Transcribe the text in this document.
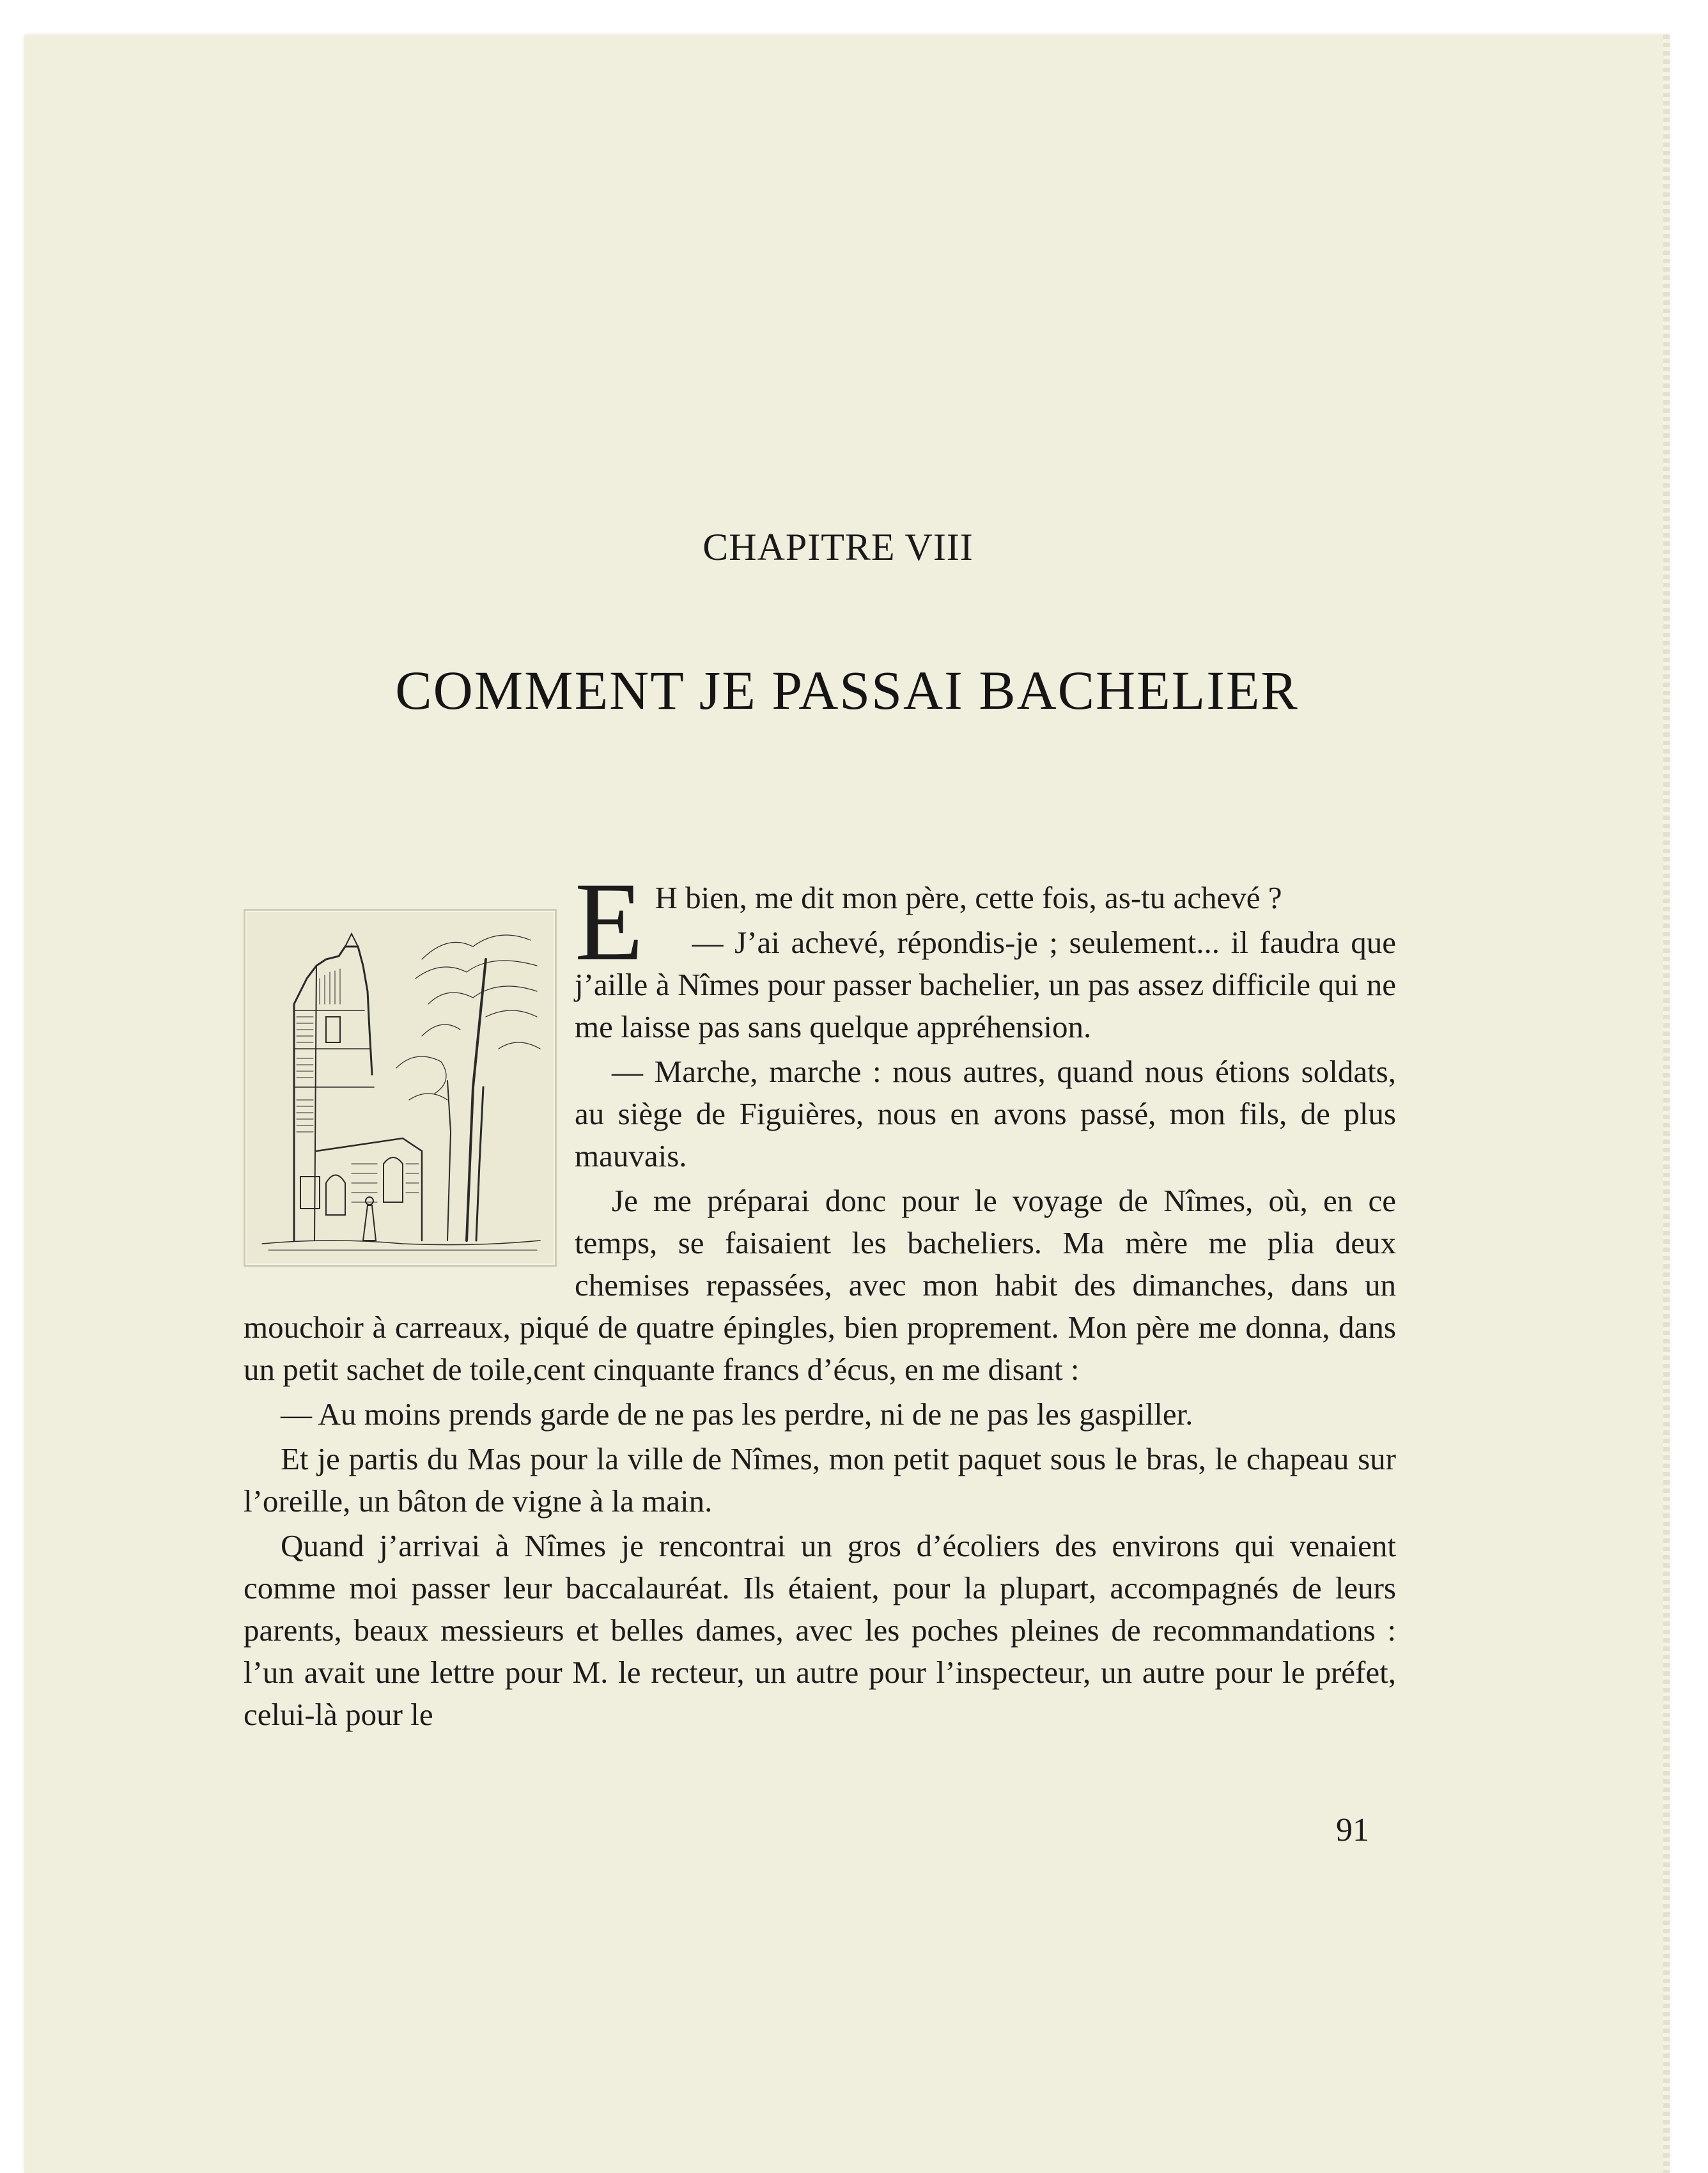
CHAPITRE VIII
COMMENT JE PASSAI BACHELIER

E H bien, me dit mon père, cette fois, as-tu achevé ?

— J’ai achevé, répondis-je ; seulement... il faudra que j’aille à Nîmes pour passer bachelier, un pas assez difficile qui ne me laisse pas sans quelque appréhension.

— Marche, marche : nous autres, quand nous étions soldats, au siège de Figuières, nous en avons passé, mon fils, de plus mauvais.

Je me préparai donc pour le voyage de Nîmes, où, en ce temps, se faisaient les bacheliers. Ma mère me plia deux chemises repassées, avec mon habit des dimanches, dans un mouchoir à carreaux, piqué de quatre épingles, bien proprement. Mon père me donna, dans un petit sachet de toile,cent cinquante francs d’écus, en me disant :

— Au moins prends garde de ne pas les perdre, ni de ne pas les gaspiller.

Et je partis du Mas pour la ville de Nîmes, mon petit paquet sous le bras, le chapeau sur l’oreille, un bâton de vigne à la main.

Quand j’arrivai à Nîmes je rencontrai un gros d’écoliers des environs qui venaient comme moi passer leur baccalauréat. Ils étaient, pour la plupart, accompagnés de leurs parents, beaux messieurs et belles dames, avec les poches pleines de recommandations : l’un avait une lettre pour M. le recteur, un autre pour l’inspecteur, un autre pour le préfet, celui-là pour le

91
